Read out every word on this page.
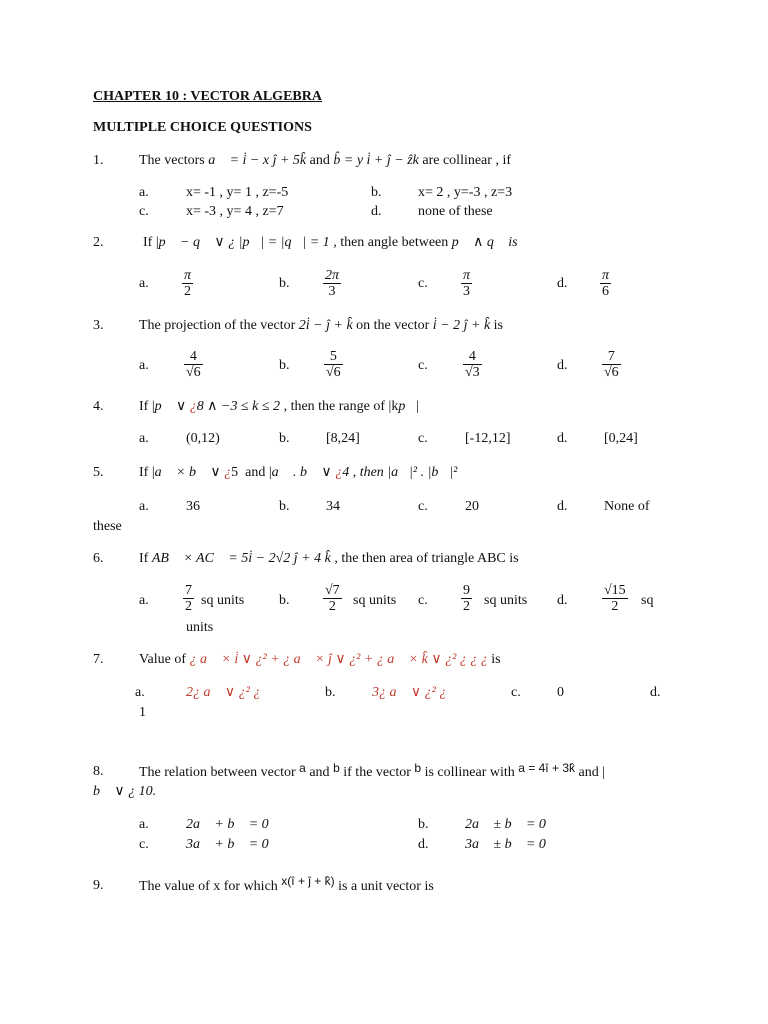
CHAPTER 10 : VECTOR ALGEBRA
MULTIPLE CHOICE QUESTIONS
1.	The vectors a⃗ = i̇ − x ĵ + 5k̂ and b̂ = y i̇ + ĵ − ẑk are collinear , if
a.	x= -1 , y= 1 , z=-5	b.	x= 2 , y=-3 , z=3
c.	x= -3 , y= 4 , z=7	d.	none of these
2.	If |p⃗ − q⃗ ∨ ¿ |p⃗| = |q⃗| = 1 , then angle between p⃗ ∧ q⃗ is
a. $\frac{\pi}{2}$	b. $\frac{2\pi}{3}$	c. $\frac{\pi}{3}$	d. $\frac{\pi}{6}$
3.	The projection of the vector 2i̇ − ĵ + k̂ on the vector i̇ − 2 ĵ + k̂ is
a.	$\frac{4}{√6}$	b. $\frac{5}{√6}$	c.	$\frac{4}{√3}$	d. $\frac{7}{√6}$
4.	If |p⃗ ∨ ¿8 ∧ −3 ≤ k ≤ 2 , then the range of |kp⃗|
a.	(0,12)	b.	[8,24]	c.	[-12,12]	d.	[0,24]
5.	If |a⃗ × b⃗ ∨ ¿5 and |a⃗ . b⃗ ∨ ¿4 , then |a⃗|² . |b⃗|²
a.	36	b.	34	c.	20	d.	None of
these
6.	If AB⃗ × AC⃗ = 5i̇ − 2√2 ĵ + 4 k̂ , the then area of triangle ABC is
a. $\frac{7}{2}$ sq units b. $\frac{√7}{2}$ sq units c. $\frac{9}{2}$ sq units d. $\frac{√15}{2}$ sq
units
7.	Value of ¿ a⃗ × i̇ ∨ ¿² + ¿ a⃗ × ĵ ∨ ¿² + ¿ a⃗ × k̂ ∨ ¿² ¿ ¿ ¿ is
a.	2¿ a⃗ ∨ ¿² ¿	b.	3¿ a⃗ ∨ ¿² ¿	c.	0	d.
1
8.	The relation between vector a and b if the vector b is collinear with a = 4î + 3k̂ and |
b⃗ ∨ ¿ 10.
a.	2a⃗ + b⃗ = 0⃗	b.	2a⃗ ± b⃗ = 0⃗
c.	3a⃗ + b⃗ = 0⃗	d.	3a⃗ ± b⃗ = 0⃗
9.	The value of x for which x(î + ĵ + k̂) is a unit vector is
